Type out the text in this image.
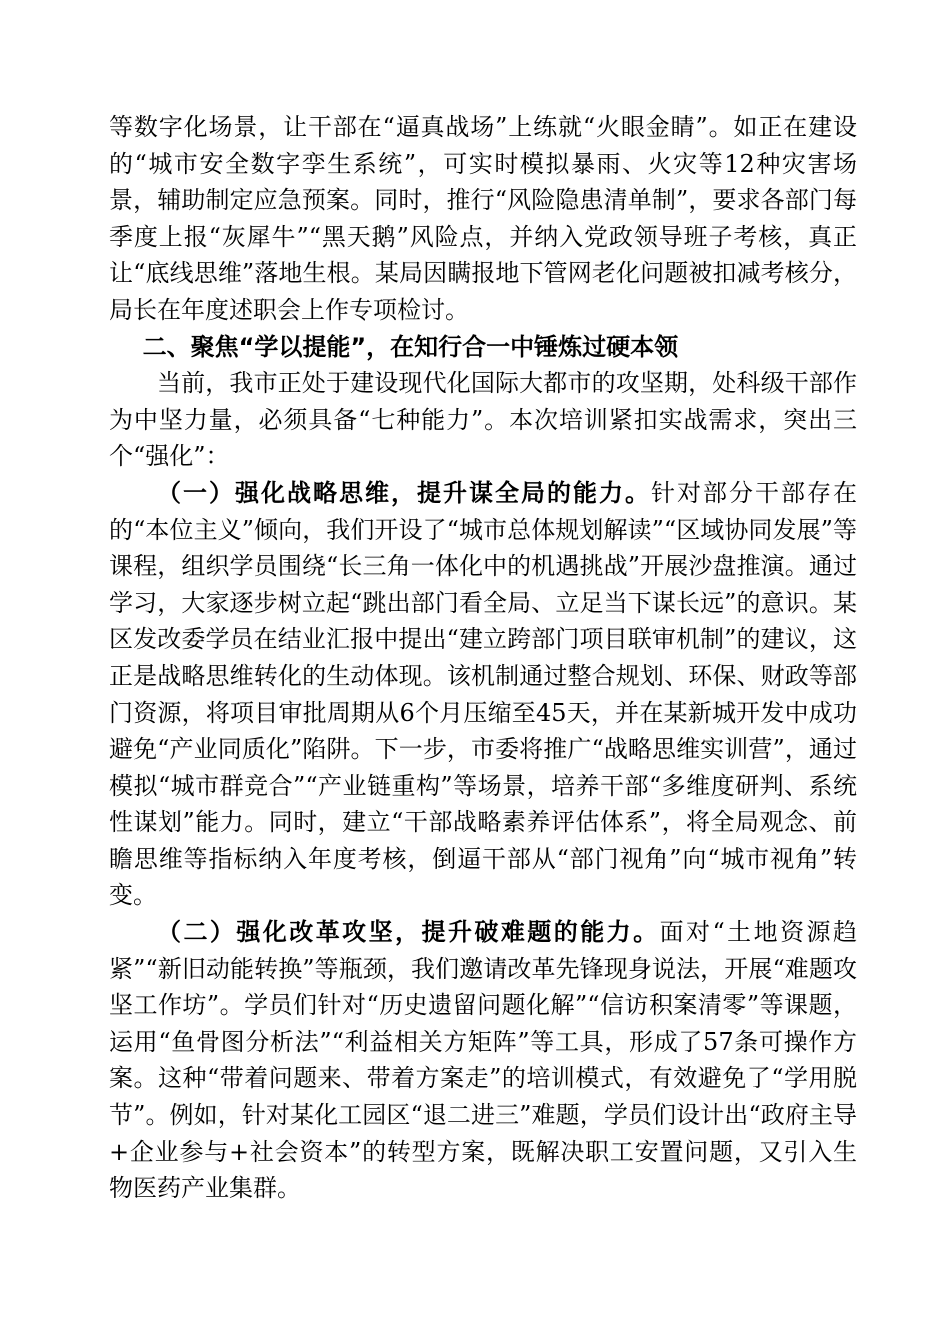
等数字化场景，让干部在“逼真战场”上练就“火眼金睛”。如正在建设的“城市安全数字孪生系统”，可实时模拟暴雨、火灾等12种灾害场景，辅助制定应急预案。同时，推行“风险隐患清单制”，要求各部门每季度上报“灰犀牛”“黑天鹅”风险点，并纳入党政领导班子考核，真正让“底线思维”落地生根。某局因瞒报地下管网老化问题被扣减考核分，局长在年度述职会上作专项检讨。

二、聚焦“学以提能”，在知行合一中锤炼过硬本领

当前，我市正处于建设现代化国际大都市的攻坚期，处科级干部作为中坚力量，必须具备“七种能力”。本次培训紧扣实战需求，突出三个“强化”：

（一）强化战略思维，提升谋全局的能力。针对部分干部存在的“本位主义”倾向，我们开设了“城市总体规划解读”“区域协同发展”等课程，组织学员围绕“长三角一体化中的机遇挑战”开展沙盘推演。通过学习，大家逐步树立起“跳出部门看全局、立足当下谋长远”的意识。某区发改委学员在结业汇报中提出“建立跨部门项目联审机制”的建议，这正是战略思维转化的生动体现。该机制通过整合规划、环保、财政等部门资源，将项目审批周期从6个月压缩至45天，并在某新城开发中成功避免“产业同质化”陷阱。下一步，市委将推广“战略思维实训营”，通过模拟“城市群竞合”“产业链重构”等场景，培养干部“多维度研判、系统性谋划”能力。同时，建立“干部战略素养评估体系”，将全局观念、前瞻思维等指标纳入年度考核，倒逼干部从“部门视角”向“城市视角”转变。

（二）强化改革攻坚，提升破难题的能力。面对“土地资源趋紧”“新旧动能转换”等瓶颈，我们邀请改革先锋现身说法，开展“难题攻坚工作坊”。学员们针对“历史遗留问题化解”“信访积案清零”等课题，运用“鱼骨图分析法”“利益相关方矩阵”等工具，形成了57条可操作方案。这种“带着问题来、带着方案走”的培训模式，有效避免了“学用脱节”。例如，针对某化工园区“退二进三”难题，学员们设计出“政府主导+企业参与+社会资本”的转型方案，既解决职工安置问题，又引入生物医药产业集群。
